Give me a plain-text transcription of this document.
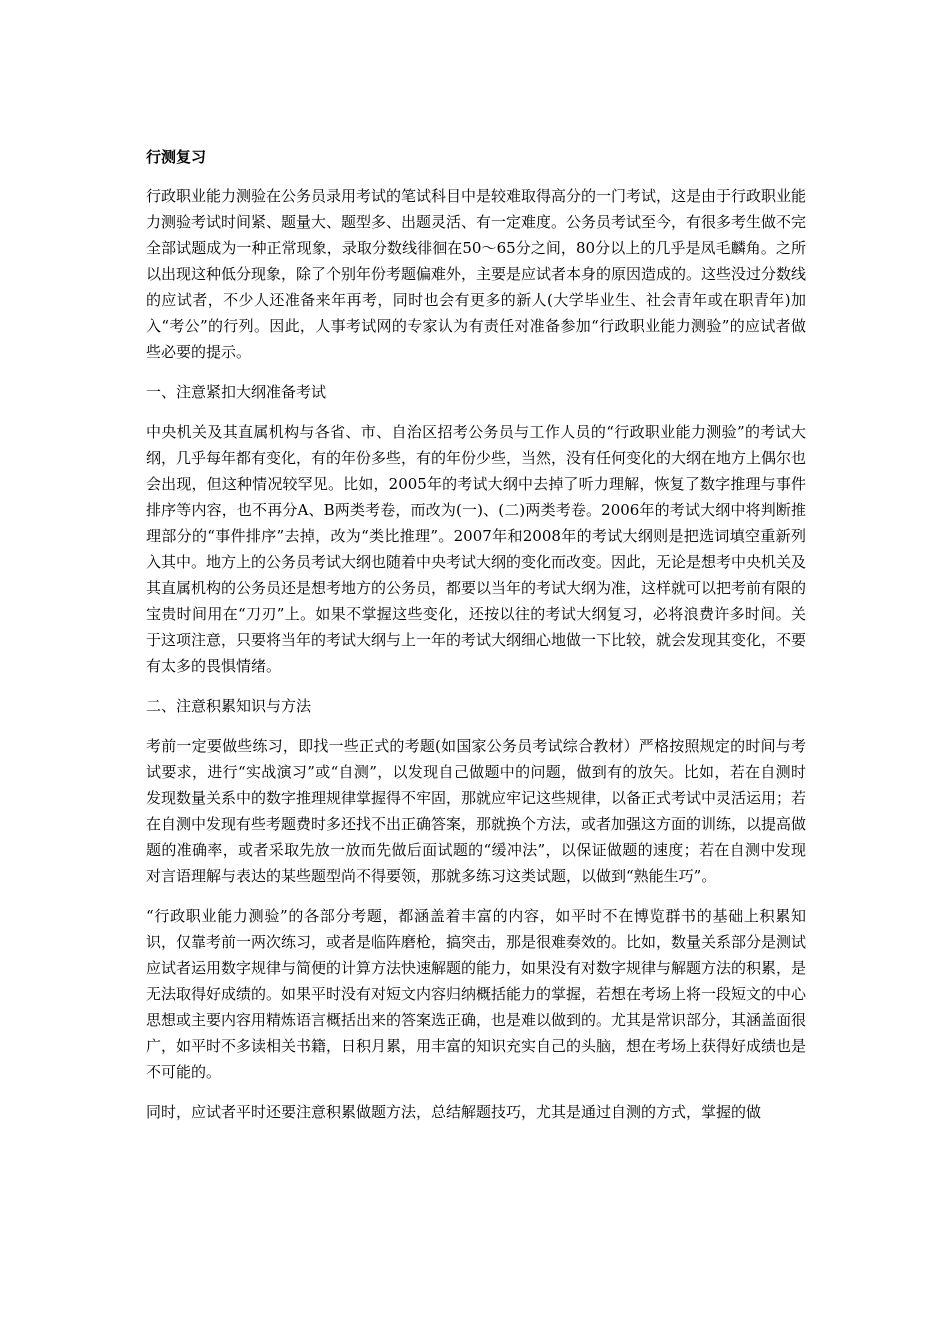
行测复习
行政职业能力测验在公务员录用考试的笔试科目中是较难取得高分的一门考试，这是由于行政职业能力测验考试时间紧、题量大、题型多、出题灵活、有一定难度。公务员考试至今，有很多考生做不完全部试题成为一种正常现象，录取分数线徘徊在50～65分之间，80分以上的几乎是凤毛麟角。之所以出现这种低分现象，除了个别年份考题偏难外，主要是应试者本身的原因造成的。这些没过分数线的应试者，不少人还准备来年再考，同时也会有更多的新人(大学毕业生、社会青年或在职青年)加入“考公”的行列。因此，人事考试网的专家认为有责任对准备参加“行政职业能力测验”的应试者做些必要的提示。
一、注意紧扣大纲准备考试
中央机关及其直属机构与各省、市、自治区招考公务员与工作人员的“行政职业能力测验”的考试大纲，几乎每年都有变化，有的年份多些，有的年份少些，当然，没有任何变化的大纲在地方上偶尔也会出现，但这种情况较罕见。比如，2005年的考试大纲中去掉了听力理解，恢复了数字推理与事件排序等内容，也不再分A、B两类考卷，而改为(一)、(二)两类考卷。2006年的考试大纲中将判断推理部分的“事件排序”去掉，改为“类比推理”。2007年和2008年的考试大纲则是把选词填空重新列入其中。地方上的公务员考试大纲也随着中央考试大纲的变化而改变。因此，无论是想考中央机关及其直属机构的公务员还是想考地方的公务员，都要以当年的考试大纲为准，这样就可以把考前有限的宝贵时间用在“刀刃”上。如果不掌握这些变化，还按以往的考试大纲复习，必将浪费许多时间。关于这项注意，只要将当年的考试大纲与上一年的考试大纲细心地做一下比较，就会发现其变化，不要有太多的畏惧情绪。
二、注意积累知识与方法
考前一定要做些练习，即找一些正式的考题(如国家公务员考试综合教材）严格按照规定的时间与考试要求，进行“实战演习”或“自测”，以发现自己做题中的问题，做到有的放矢。比如，若在自测时发现数量关系中的数字推理规律掌握得不牢固，那就应牢记这些规律，以备正式考试中灵活运用；若在自测中发现有些考题费时多还找不出正确答案，那就换个方法，或者加强这方面的训练，以提高做题的准确率，或者采取先放一放而先做后面试题的“缓冲法”，以保证做题的速度；若在自测中发现对言语理解与表达的某些题型尚不得要领，那就多练习这类试题，以做到“熟能生巧”。
“行政职业能力测验”的各部分考题，都涵盖着丰富的内容，如平时不在博览群书的基础上积累知识，仅靠考前一两次练习，或者是临阵磨枪，搞突击，那是很难奏效的。比如，数量关系部分是测试应试者运用数字规律与简便的计算方法快速解题的能力，如果没有对数字规律与解题方法的积累，是无法取得好成绩的。如果平时没有对短文内容归纳概括能力的掌握，若想在考场上将一段短文的中心思想或主要内容用精炼语言概括出来的答案选正确，也是难以做到的。尤其是常识部分，其涵盖面很广，如平时不多读相关书籍，日积月累，用丰富的知识充实自己的头脑，想在考场上获得好成绩也是不可能的。
同时，应试者平时还要注意积累做题方法，总结解题技巧，尤其是通过自测的方式，掌握的做
